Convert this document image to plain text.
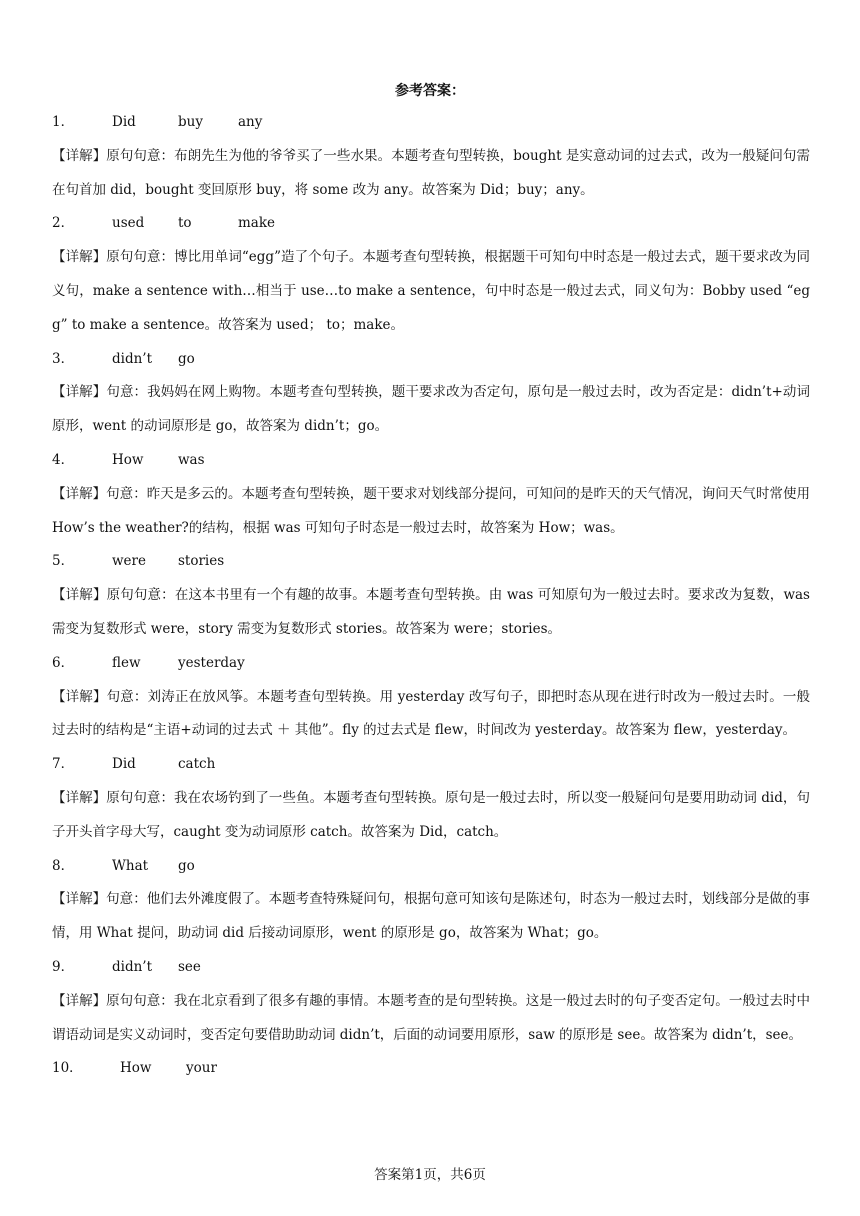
参考答案：
1．	Did	buy	any
【详解】原句句意：布朗先生为他的爷爷买了一些水果。本题考查句型转换，bought 是实意动词的过去式，改为一般疑问句需在句首加 did，bought 变回原形 buy，将 some 改为 any。故答案为 Did；buy；any。
2．	used	to	make
【详解】原句句意：博比用单词“egg”造了个句子。本题考查句型转换，根据题干可知句中时态是一般过去式，题干要求改为同义句，make a sentence with…相当于 use…to make a sentence，句中时态是一般过去式，同义句为：Bobby used “egg” to make a sentence。故答案为 used； to；make。
3．	didn’t	go
【详解】句意：我妈妈在网上购物。本题考查句型转换，题干要求改为否定句，原句是一般过去时，改为否定是：didn’t+动词原形，went 的动词原形是 go，故答案为 didn’t；go。
4．	How	was
【详解】句意：昨天是多云的。本题考查句型转换，题干要求对划线部分提问，可知问的是昨天的天气情况，询问天气时常使用 How’s the weather?的结构，根据 was 可知句子时态是一般过去时，故答案为 How；was。
5．	were	stories
【详解】原句句意：在这本书里有一个有趣的故事。本题考查句型转换。由 was 可知原句为一般过去时。要求改为复数，was 需变为复数形式 were，story 需变为复数形式 stories。故答案为 were；stories。
6．	flew	yesterday
【详解】句意：刘涛正在放风筝。本题考查句型转换。用 yesterday 改写句子，即把时态从现在进行时改为一般过去时。一般过去时的结构是“主语+动词的过去式 ＋ 其他”。fly 的过去式是 flew，时间改为 yesterday。故答案为 flew，yesterday。
7．	Did	catch
【详解】原句句意：我在农场钓到了一些鱼。本题考查句型转换。原句是一般过去时，所以变一般疑问句是要用助动词 did，句子开头首字母大写，caught 变为动词原形 catch。故答案为 Did，catch。
8．	What	go
【详解】句意：他们去外滩度假了。本题考查特殊疑问句，根据句意可知该句是陈述句，时态为一般过去时，划线部分是做的事情，用 What 提问，助动词 did 后接动词原形，went 的原形是 go，故答案为 What；go。
9．	didn’t	see
【详解】原句句意：我在北京看到了很多有趣的事情。本题考查的是句型转换。这是一般过去时的句子变否定句。一般过去时中谓语动词是实义动词时，变否定句要借助助动词 didn’t，后面的动词要用原形，saw 的原形是 see。故答案为 didn’t，see。
10．	How	your
答案第1页，共6页
